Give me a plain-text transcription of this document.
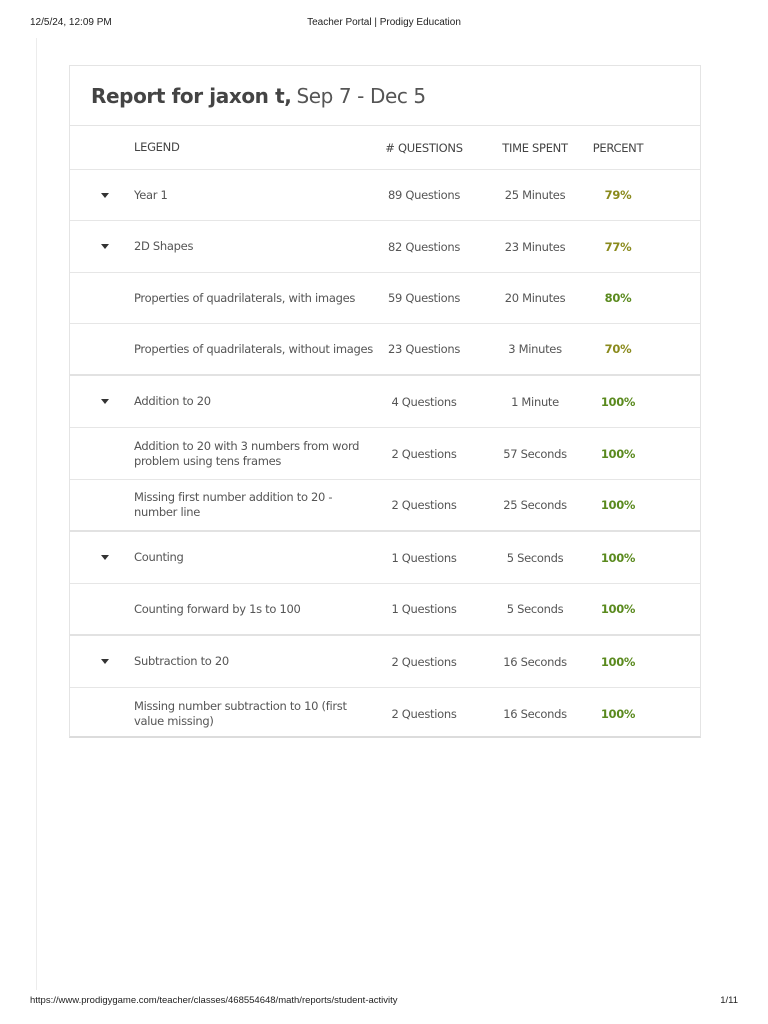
12/5/24, 12:09 PM	Teacher Portal | Prodigy Education
Report for jaxon t, Sep 7 - Dec 5
LEGEND	# QUESTIONS	TIME SPENT	PERCENT
Year 1	89 Questions	25 Minutes	79%
2D Shapes	82 Questions	23 Minutes	77%
Properties of quadrilaterals, with images	59 Questions	20 Minutes	80%
Properties of quadrilaterals, without images	23 Questions	3 Minutes	70%
Addition to 20	4 Questions	1 Minute	100%
Addition to 20 with 3 numbers from word problem using tens frames	2 Questions	57 Seconds	100%
Missing first number addition to 20 - number line	2 Questions	25 Seconds	100%
Counting	1 Questions	5 Seconds	100%
Counting forward by 1s to 100	1 Questions	5 Seconds	100%
Subtraction to 20	2 Questions	16 Seconds	100%
Missing number subtraction to 10 (first value missing)	2 Questions	16 Seconds	100%
https://www.prodigygame.com/teacher/classes/468554648/math/reports/student-activity	1/11
